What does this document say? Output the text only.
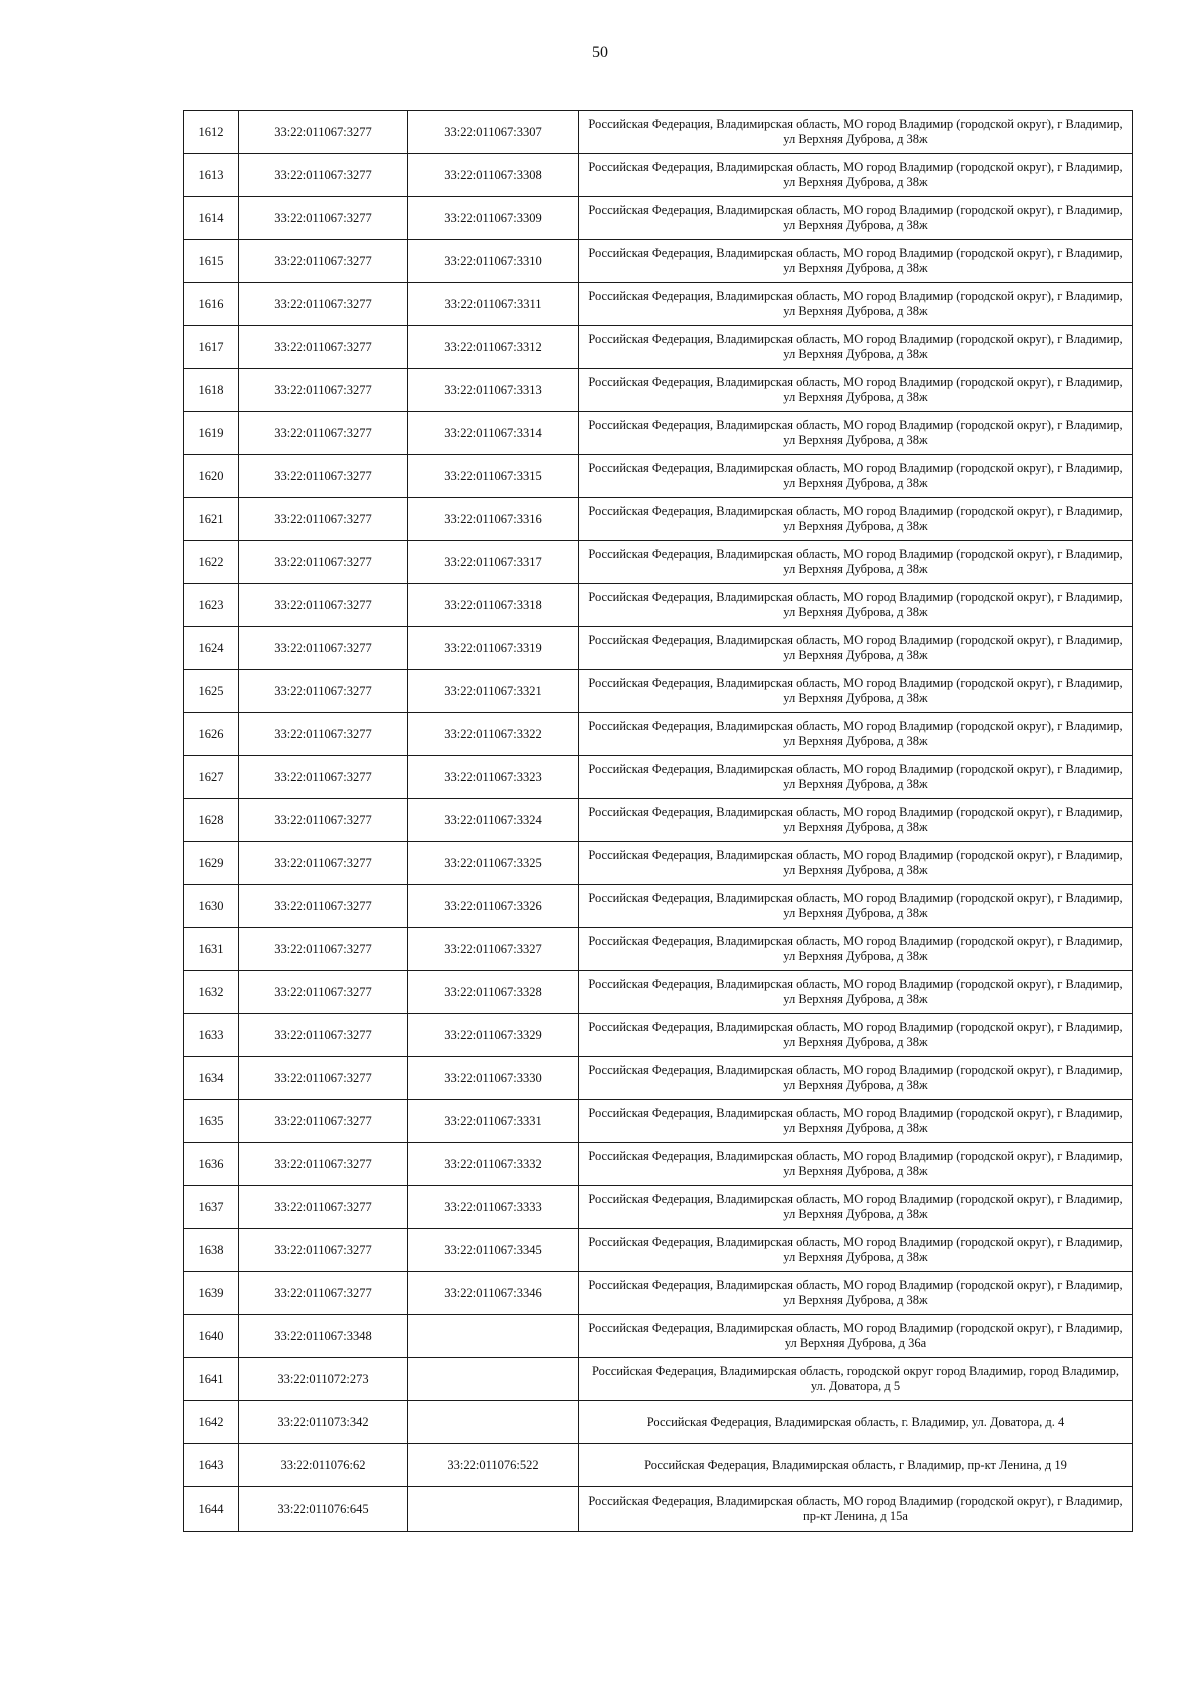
50
1612	33:22:011067:3277	33:22:011067:3307	Российская Федерация, Владимирская область, МО город Владимир (городской округ), г Владимир, ул Верхняя Дуброва, д 38ж
1613	33:22:011067:3277	33:22:011067:3308	Российская Федерация, Владимирская область, МО город Владимир (городской округ), г Владимир, ул Верхняя Дуброва, д 38ж
1614	33:22:011067:3277	33:22:011067:3309	Российская Федерация, Владимирская область, МО город Владимир (городской округ), г Владимир, ул Верхняя Дуброва, д 38ж
1615	33:22:011067:3277	33:22:011067:3310	Российская Федерация, Владимирская область, МО город Владимир (городской округ), г Владимир, ул Верхняя Дуброва, д 38ж
1616	33:22:011067:3277	33:22:011067:3311	Российская Федерация, Владимирская область, МО город Владимир (городской округ), г Владимир, ул Верхняя Дуброва, д 38ж
1617	33:22:011067:3277	33:22:011067:3312	Российская Федерация, Владимирская область, МО город Владимир (городской округ), г Владимир, ул Верхняя Дуброва, д 38ж
1618	33:22:011067:3277	33:22:011067:3313	Российская Федерация, Владимирская область, МО город Владимир (городской округ), г Владимир, ул Верхняя Дуброва, д 38ж
1619	33:22:011067:3277	33:22:011067:3314	Российская Федерация, Владимирская область, МО город Владимир (городской округ), г Владимир, ул Верхняя Дуброва, д 38ж
1620	33:22:011067:3277	33:22:011067:3315	Российская Федерация, Владимирская область, МО город Владимир (городской округ), г Владимир, ул Верхняя Дуброва, д 38ж
1621	33:22:011067:3277	33:22:011067:3316	Российская Федерация, Владимирская область, МО город Владимир (городской округ), г Владимир, ул Верхняя Дуброва, д 38ж
1622	33:22:011067:3277	33:22:011067:3317	Российская Федерация, Владимирская область, МО город Владимир (городской округ), г Владимир, ул Верхняя Дуброва, д 38ж
1623	33:22:011067:3277	33:22:011067:3318	Российская Федерация, Владимирская область, МО город Владимир (городской округ), г Владимир, ул Верхняя Дуброва, д 38ж
1624	33:22:011067:3277	33:22:011067:3319	Российская Федерация, Владимирская область, МО город Владимир (городской округ), г Владимир, ул Верхняя Дуброва, д 38ж
1625	33:22:011067:3277	33:22:011067:3321	Российская Федерация, Владимирская область, МО город Владимир (городской округ), г Владимир, ул Верхняя Дуброва, д 38ж
1626	33:22:011067:3277	33:22:011067:3322	Российская Федерация, Владимирская область, МО город Владимир (городской округ), г Владимир, ул Верхняя Дуброва, д 38ж
1627	33:22:011067:3277	33:22:011067:3323	Российская Федерация, Владимирская область, МО город Владимир (городской округ), г Владимир, ул Верхняя Дуброва, д 38ж
1628	33:22:011067:3277	33:22:011067:3324	Российская Федерация, Владимирская область, МО город Владимир (городской округ), г Владимир, ул Верхняя Дуброва, д 38ж
1629	33:22:011067:3277	33:22:011067:3325	Российская Федерация, Владимирская область, МО город Владимир (городской округ), г Владимир, ул Верхняя Дуброва, д 38ж
1630	33:22:011067:3277	33:22:011067:3326	Российская Федерация, Владимирская область, МО город Владимир (городской округ), г Владимир, ул Верхняя Дуброва, д 38ж
1631	33:22:011067:3277	33:22:011067:3327	Российская Федерация, Владимирская область, МО город Владимир (городской округ), г Владимир, ул Верхняя Дуброва, д 38ж
1632	33:22:011067:3277	33:22:011067:3328	Российская Федерация, Владимирская область, МО город Владимир (городской округ), г Владимир, ул Верхняя Дуброва, д 38ж
1633	33:22:011067:3277	33:22:011067:3329	Российская Федерация, Владимирская область, МО город Владимир (городской округ), г Владимир, ул Верхняя Дуброва, д 38ж
1634	33:22:011067:3277	33:22:011067:3330	Российская Федерация, Владимирская область, МО город Владимир (городской округ), г Владимир, ул Верхняя Дуброва, д 38ж
1635	33:22:011067:3277	33:22:011067:3331	Российская Федерация, Владимирская область, МО город Владимир (городской округ), г Владимир, ул Верхняя Дуброва, д 38ж
1636	33:22:011067:3277	33:22:011067:3332	Российская Федерация, Владимирская область, МО город Владимир (городской округ), г Владимир, ул Верхняя Дуброва, д 38ж
1637	33:22:011067:3277	33:22:011067:3333	Российская Федерация, Владимирская область, МО город Владимир (городской округ), г Владимир, ул Верхняя Дуброва, д 38ж
1638	33:22:011067:3277	33:22:011067:3345	Российская Федерация, Владимирская область, МО город Владимир (городской округ), г Владимир, ул Верхняя Дуброва, д 38ж
1639	33:22:011067:3277	33:22:011067:3346	Российская Федерация, Владимирская область, МО город Владимир (городской округ), г Владимир, ул Верхняя Дуброва, д 38ж
1640	33:22:011067:3348		Российская Федерация, Владимирская область, МО город Владимир (городской округ), г Владимир, ул Верхняя Дуброва, д 36а
1641	33:22:011072:273		Российская Федерация, Владимирская область, городской округ город Владимир, город Владимир, ул. Доватора, д 5
1642	33:22:011073:342		Российская Федерация, Владимирская область, г. Владимир, ул. Доватора, д. 4
1643	33:22:011076:62	33:22:011076:522	Российская Федерация, Владимирская область, г Владимир, пр-кт Ленина, д 19
1644	33:22:011076:645		Российская Федерация, Владимирская область, МО город Владимир (городской округ), г Владимир, пр-кт Ленина, д 15а
